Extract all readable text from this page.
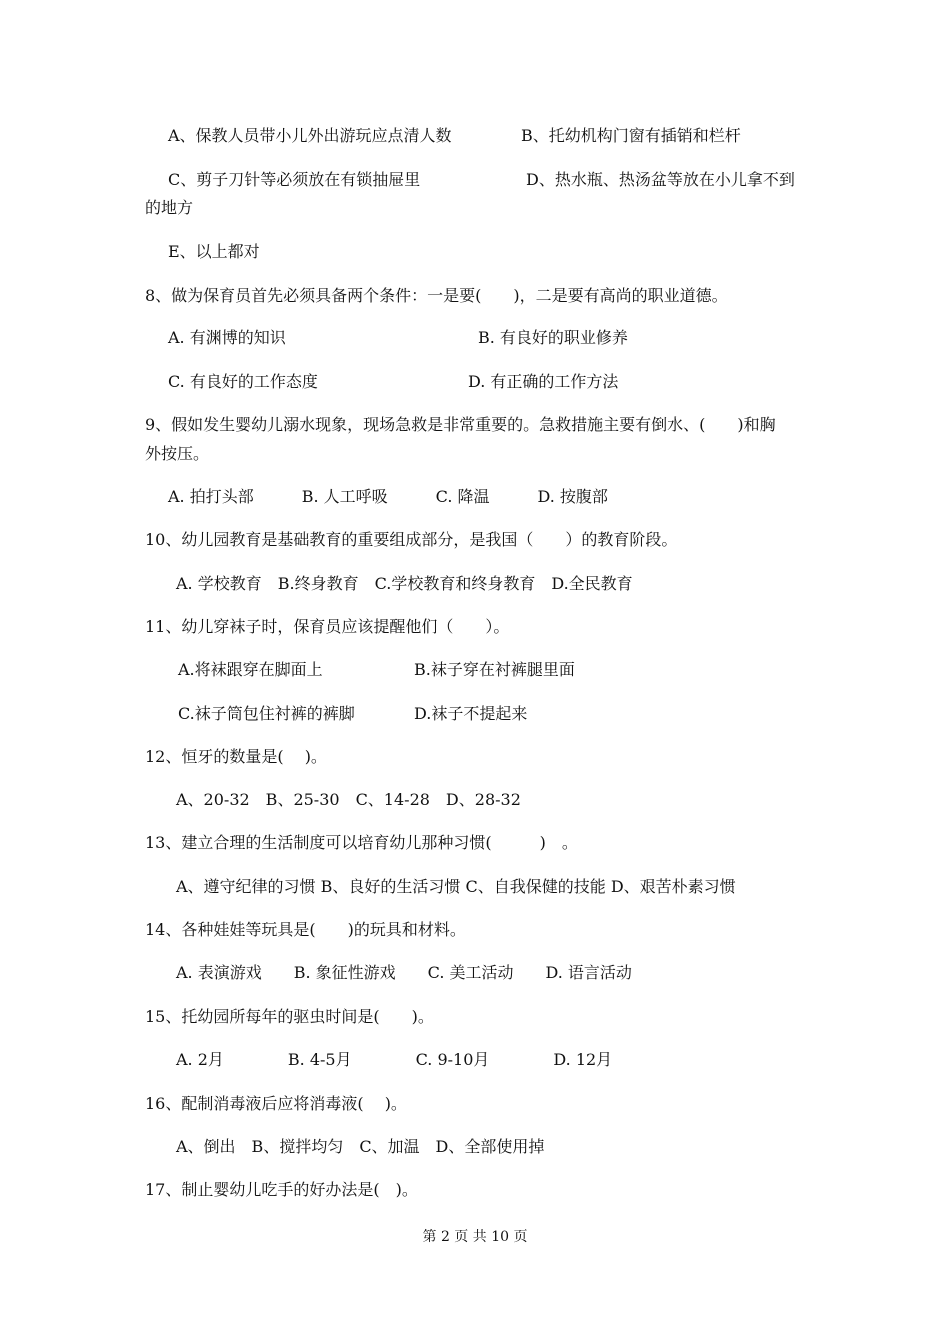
A、保教人员带小儿外出游玩应点清人数	B、托幼机构门窗有插销和栏杆
C、剪子刀针等必须放在有锁抽屉里	D、热水瓶、热汤盆等放在小儿拿不到
的地方
E、以上都对
8、做为保育员首先必须具备两个条件：一是要(　　)，二是要有高尚的职业道德。
A. 有渊博的知识	B. 有良好的职业修养
C. 有良好的工作态度	D. 有正确的工作方法
9、假如发生婴幼儿溺水现象，现场急救是非常重要的。急救措施主要有倒水、(　　)和胸
外按压。
A. 拍打头部　　　B. 人工呼吸　　　C. 降温　　　D. 按腹部
10、幼儿园教育是基础教育的重要组成部分，是我国（　　）的教育阶段。
A. 学校教育　B.终身教育　C.学校教育和终身教育　D.全民教育
11、幼儿穿袜子时，保育员应该提醒他们（　　）。
A.将袜跟穿在脚面上	B.袜子穿在衬裤腿里面
C.袜子筒包住衬裤的裤脚	D.袜子不提起来
12、恒牙的数量是(　 )。
A、20-32　B、25-30　C、14-28　D、28-32
13、建立合理的生活制度可以培育幼儿那种习惯(　　　)　。
A、遵守纪律的习惯 B、良好的生活习惯 C、自我保健的技能 D、艰苦朴素习惯
14、各种娃娃等玩具是(　　)的玩具和材料。
A. 表演游戏　　B. 象征性游戏　　C. 美工活动　　D. 语言活动
15、托幼园所每年的驱虫时间是(　　)。
A. 2月　　　　B. 4-5月　　　　C. 9-10月　　　　D. 12月
16、配制消毒液后应将消毒液(　 )。
A、倒出　B、搅拌均匀　C、加温　D、全部使用掉
17、制止婴幼儿吃手的好办法是(　)。
第 2 页 共 10 页
